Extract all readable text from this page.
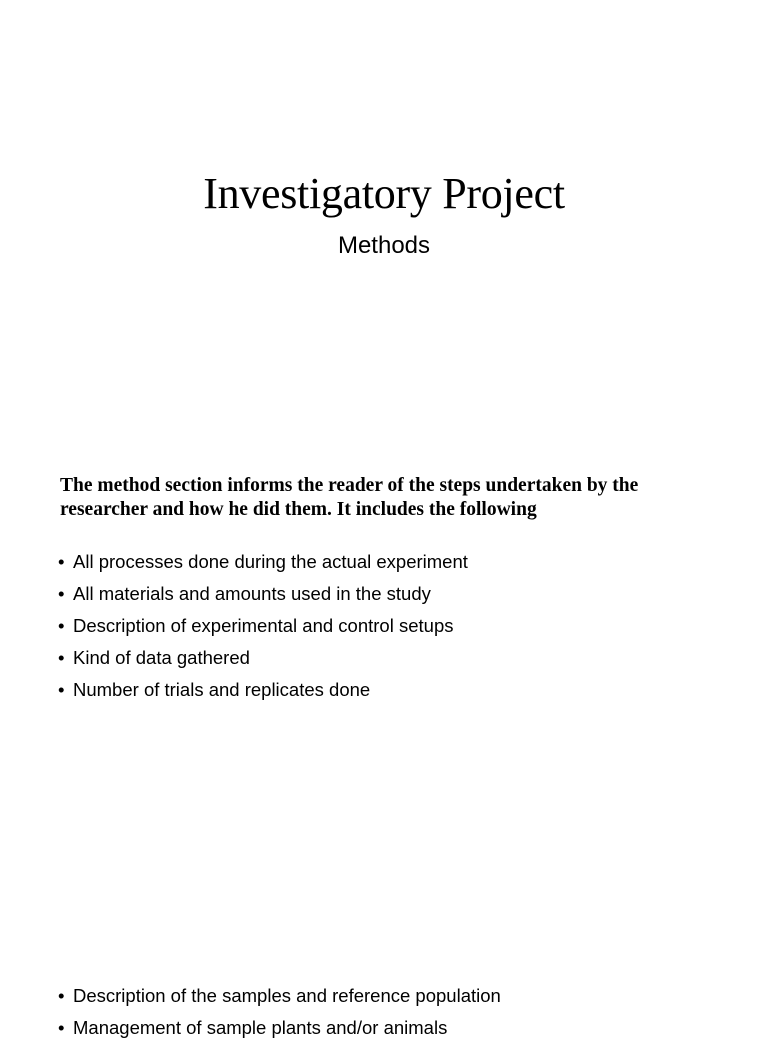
Investigatory Project
Methods
The method section informs the reader of the steps undertaken by the researcher and how he did them. It includes the following
• All processes done during the actual experiment
• All materials and amounts used in the study
• Description of experimental and control setups
• Kind of data gathered
• Number of trials and replicates done
• Description of the samples and reference population
• Management of sample plants and/or animals
